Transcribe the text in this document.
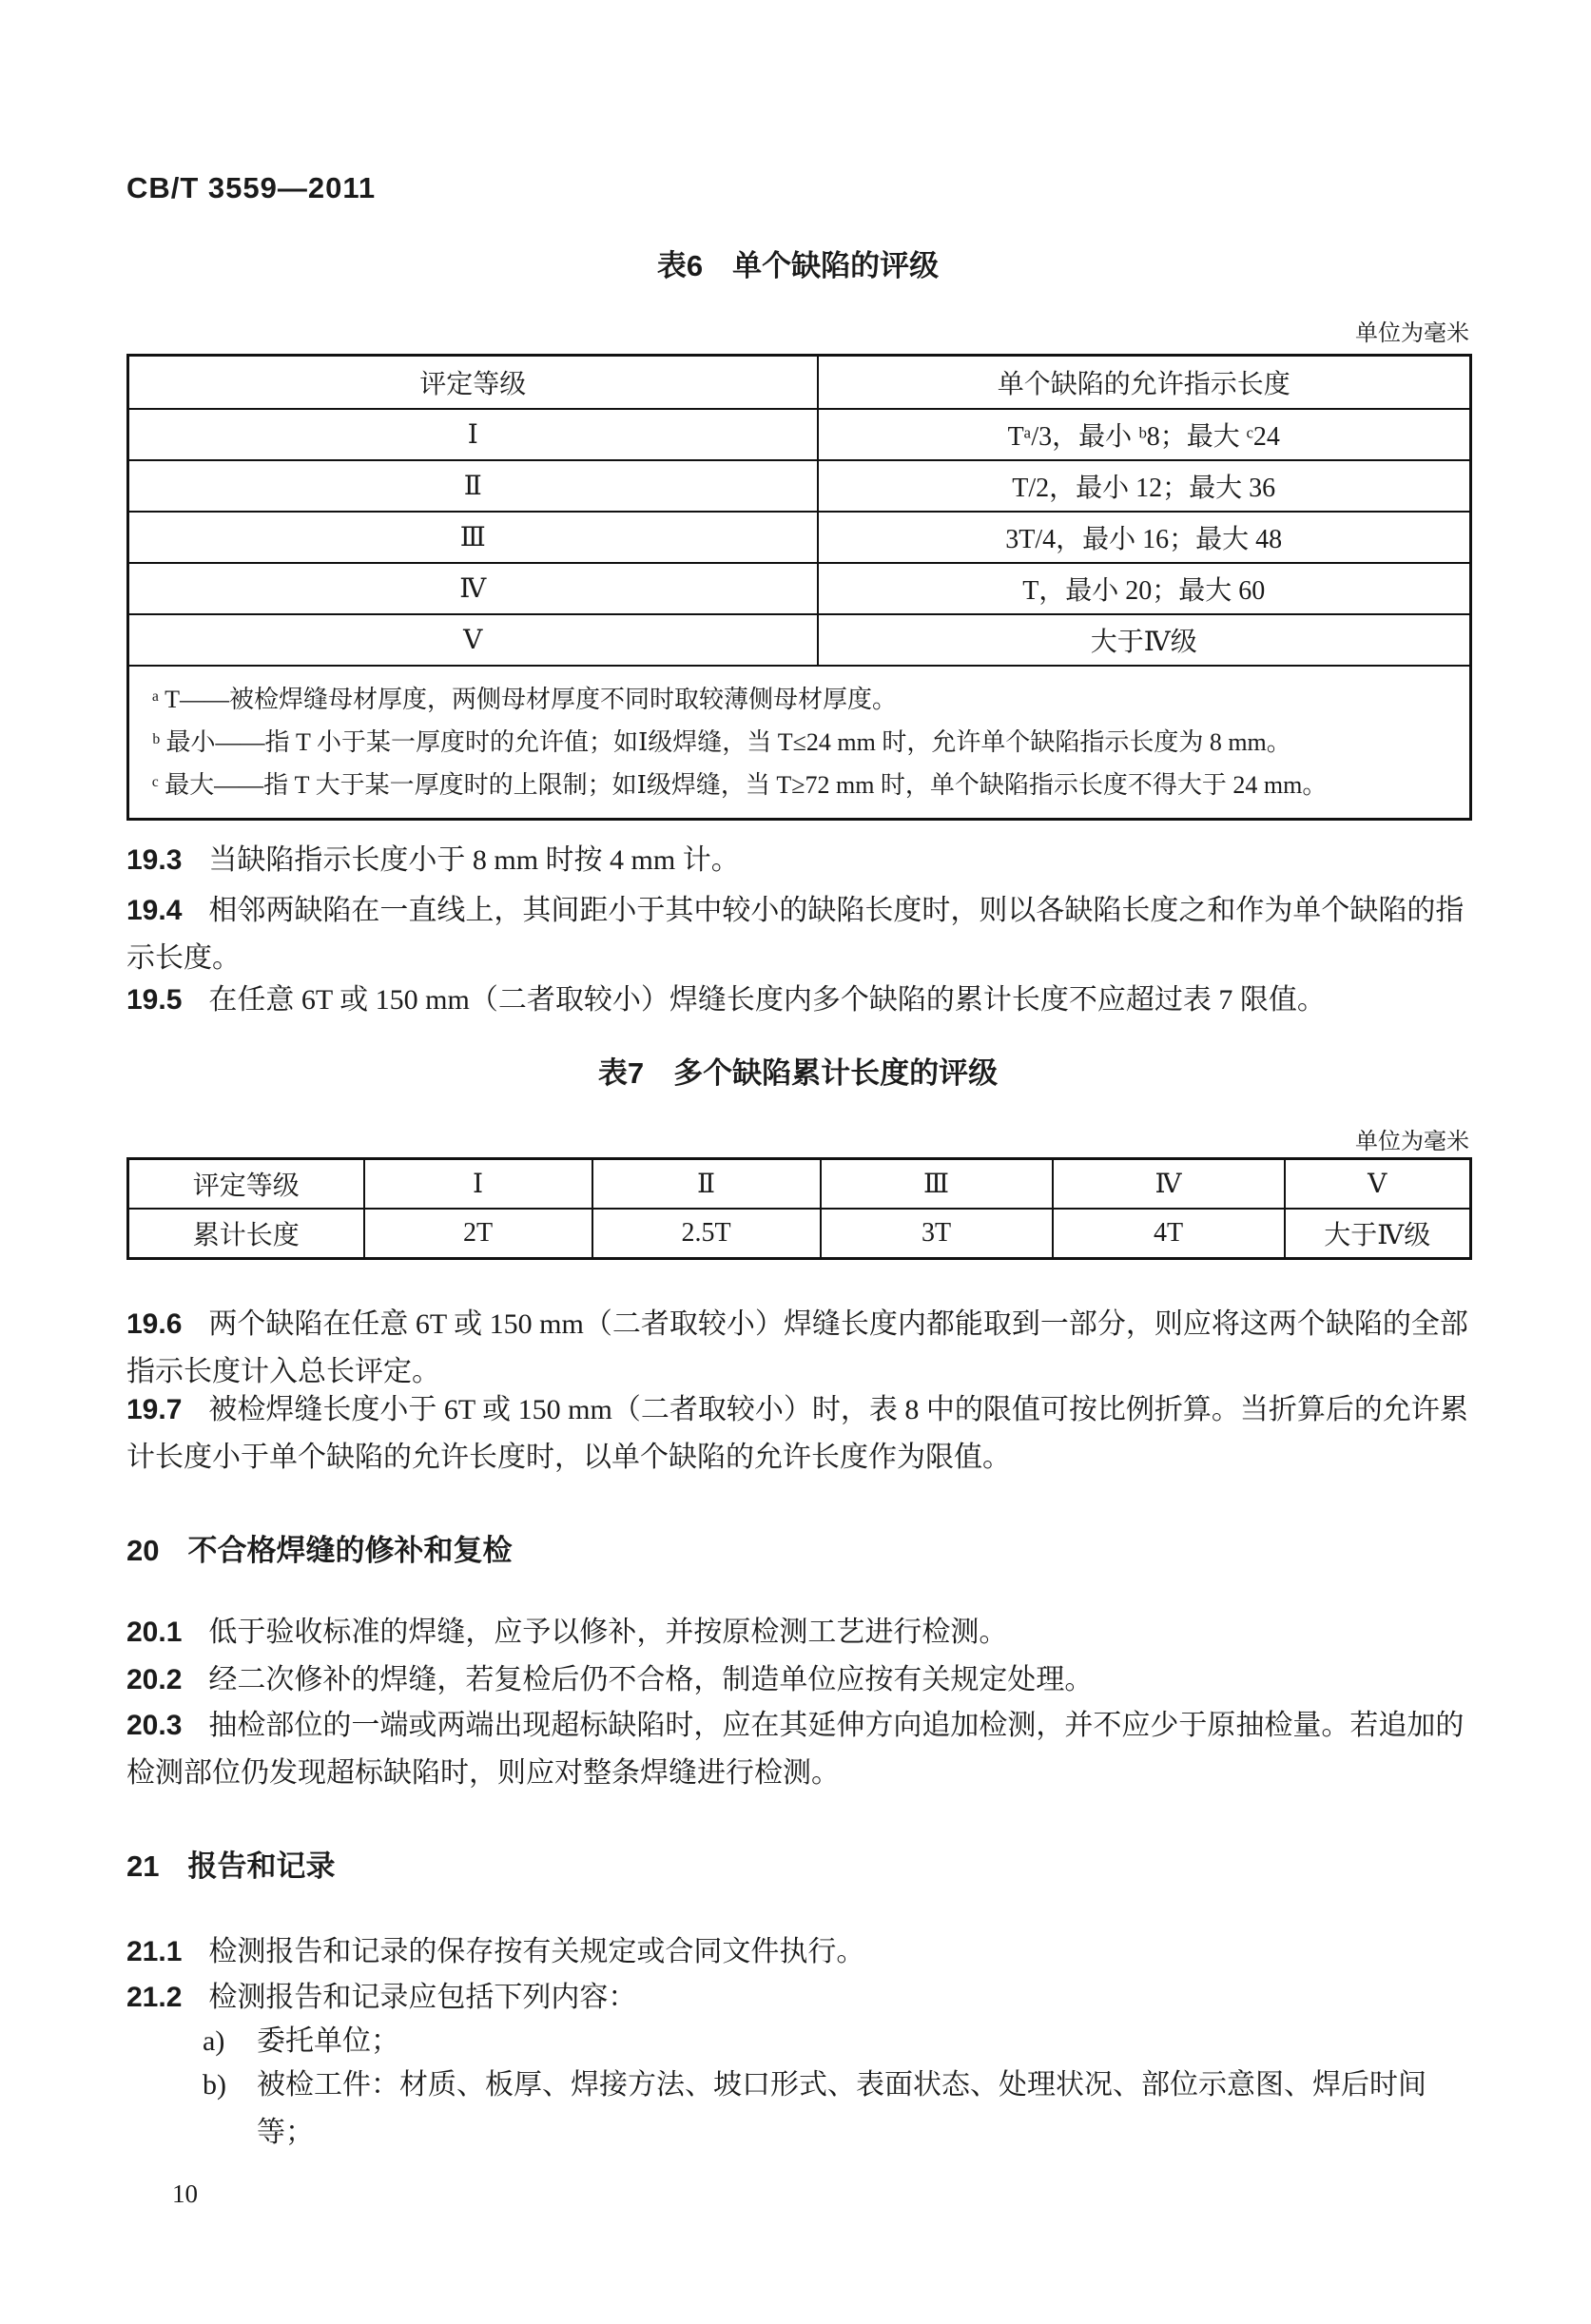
CB/T 3559—2011
表6　单个缺陷的评级
单位为毫米
评定等级	单个缺陷的允许指示长度
Ⅰ	Tᵃ/3，最小 ᵇ8；最大 ᶜ24
Ⅱ	T/2，最小 12；最大 36
Ⅲ	3T/4，最小 16；最大 48
Ⅳ	T，最小 20；最大 60
Ⅴ	大于Ⅳ级

ᵃ T——被检焊缝母材厚度，两侧母材厚度不同时取较薄侧母材厚度。
ᵇ 最小——指 T 小于某一厚度时的允许值；如Ⅰ级焊缝，当 T≤24 mm 时，允许单个缺陷指示长度为 8 mm。
ᶜ 最大——指 T 大于某一厚度时的上限制；如Ⅰ级焊缝，当 T≥72 mm 时，单个缺陷指示长度不得大于 24 mm。	
19.3 当缺陷指示长度小于 8 mm 时按 4 mm 计。
19.4 相邻两缺陷在一直线上，其间距小于其中较小的缺陷长度时，则以各缺陷长度之和作为单个缺陷的指示长度。
19.5 在任意 6T 或 150 mm（二者取较小）焊缝长度内多个缺陷的累计长度不应超过表 7 限值。
表7　多个缺陷累计长度的评级
单位为毫米
评定等级	Ⅰ	Ⅱ	Ⅲ	Ⅳ	Ⅴ
累计长度	2T	2.5T	3T	4T	大于Ⅳ级
19.6 两个缺陷在任意 6T 或 150 mm（二者取较小）焊缝长度内都能取到一部分，则应将这两个缺陷的全部指示长度计入总长评定。
19.7 被检焊缝长度小于 6T 或 150 mm（二者取较小）时，表 8 中的限值可按比例折算。当折算后的允许累计长度小于单个缺陷的允许长度时，以单个缺陷的允许长度作为限值。
20 不合格焊缝的修补和复检
20.1 低于验收标准的焊缝，应予以修补，并按原检测工艺进行检测。
20.2 经二次修补的焊缝，若复检后仍不合格，制造单位应按有关规定处理。
20.3 抽检部位的一端或两端出现超标缺陷时，应在其延伸方向追加检测，并不应少于原抽检量。若追加的检测部位仍发现超标缺陷时，则应对整条焊缝进行检测。
21 报告和记录
21.1 检测报告和记录的保存按有关规定或合同文件执行。
21.2 检测报告和记录应包括下列内容：
a) 委托单位；
b) 被检工件：材质、板厚、焊接方法、坡口形式、表面状态、处理状况、部位示意图、焊后时间等；
10
